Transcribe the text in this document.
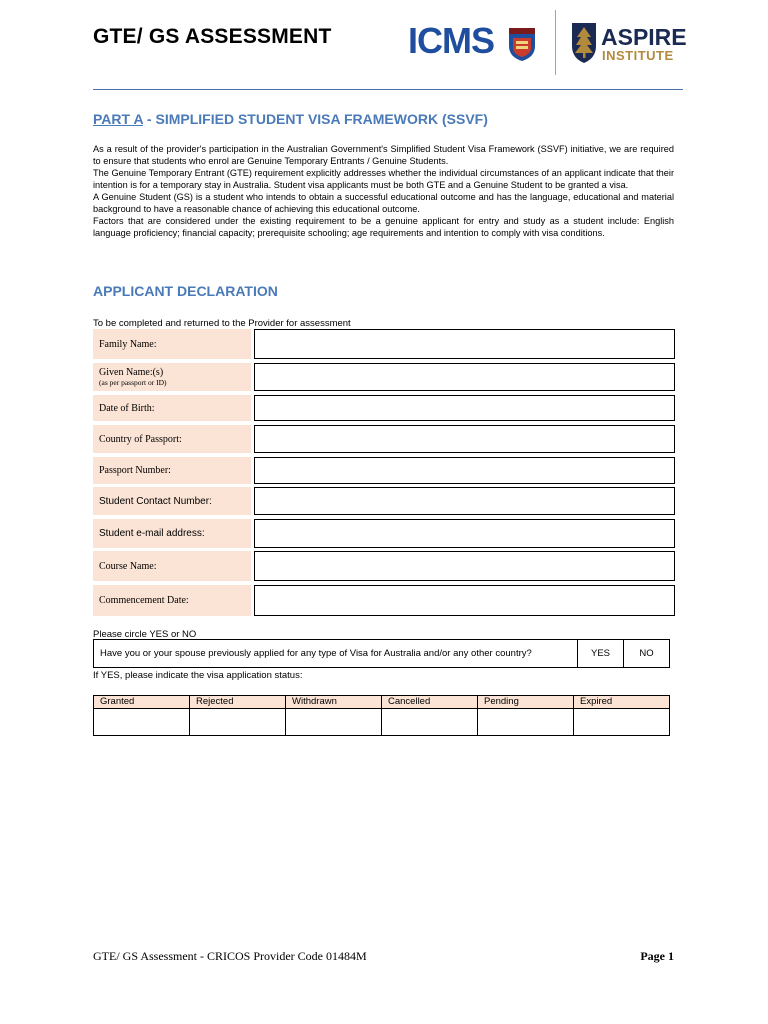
GTE/ GS ASSESSMENT ICMS	ASPIRE
INSTITUTE
PART A - SIMPLIFIED STUDENT VISA FRAMEWORK (SSVF)

As a result of the provider's participation in the Australian Government's Simplified Student Visa Framework (SSVF) initiative, we are required to ensure that students who enrol are Genuine Temporary Entrants / Genuine Students.

The Genuine Temporary Entrant (GTE) requirement explicitly addresses whether the individual circumstances of an applicant indicate that their intention is for a temporary stay in Australia. Student visa applicants must be both GTE and a Genuine Student to be granted a visa.

A Genuine Student (GS) is a student who intends to obtain a successful educational outcome and has the language, educational and material background to have a reasonable chance of achieving this educational outcome.

Factors that are considered under the existing requirement to be a genuine applicant for entry and study as a student include: English language proficiency; financial capacity; prerequisite schooling; age requirements and intention to comply with visa conditions.

APPLICANT DECLARATION
To be completed and returned to the Provider for assessment
Family Name:
Given Name:(s)
(as per passport or ID)
Date of Birth:
Country of Passport:
Passport Number:
Student Contact Number:
Student e-mail address:
Course Name:
Commencement Date:
Please circle YES or NO
Have you or your spouse previously applied for any type of Visa for Australia and/or any other country?	YES	NO
If YES, please indicate the visa application status:
Granted	Rejected	Withdrawn	Cancelled	Pending	Expired

GTE/ GS Assessment - CRICOS Provider Code 01484M	Page 1
